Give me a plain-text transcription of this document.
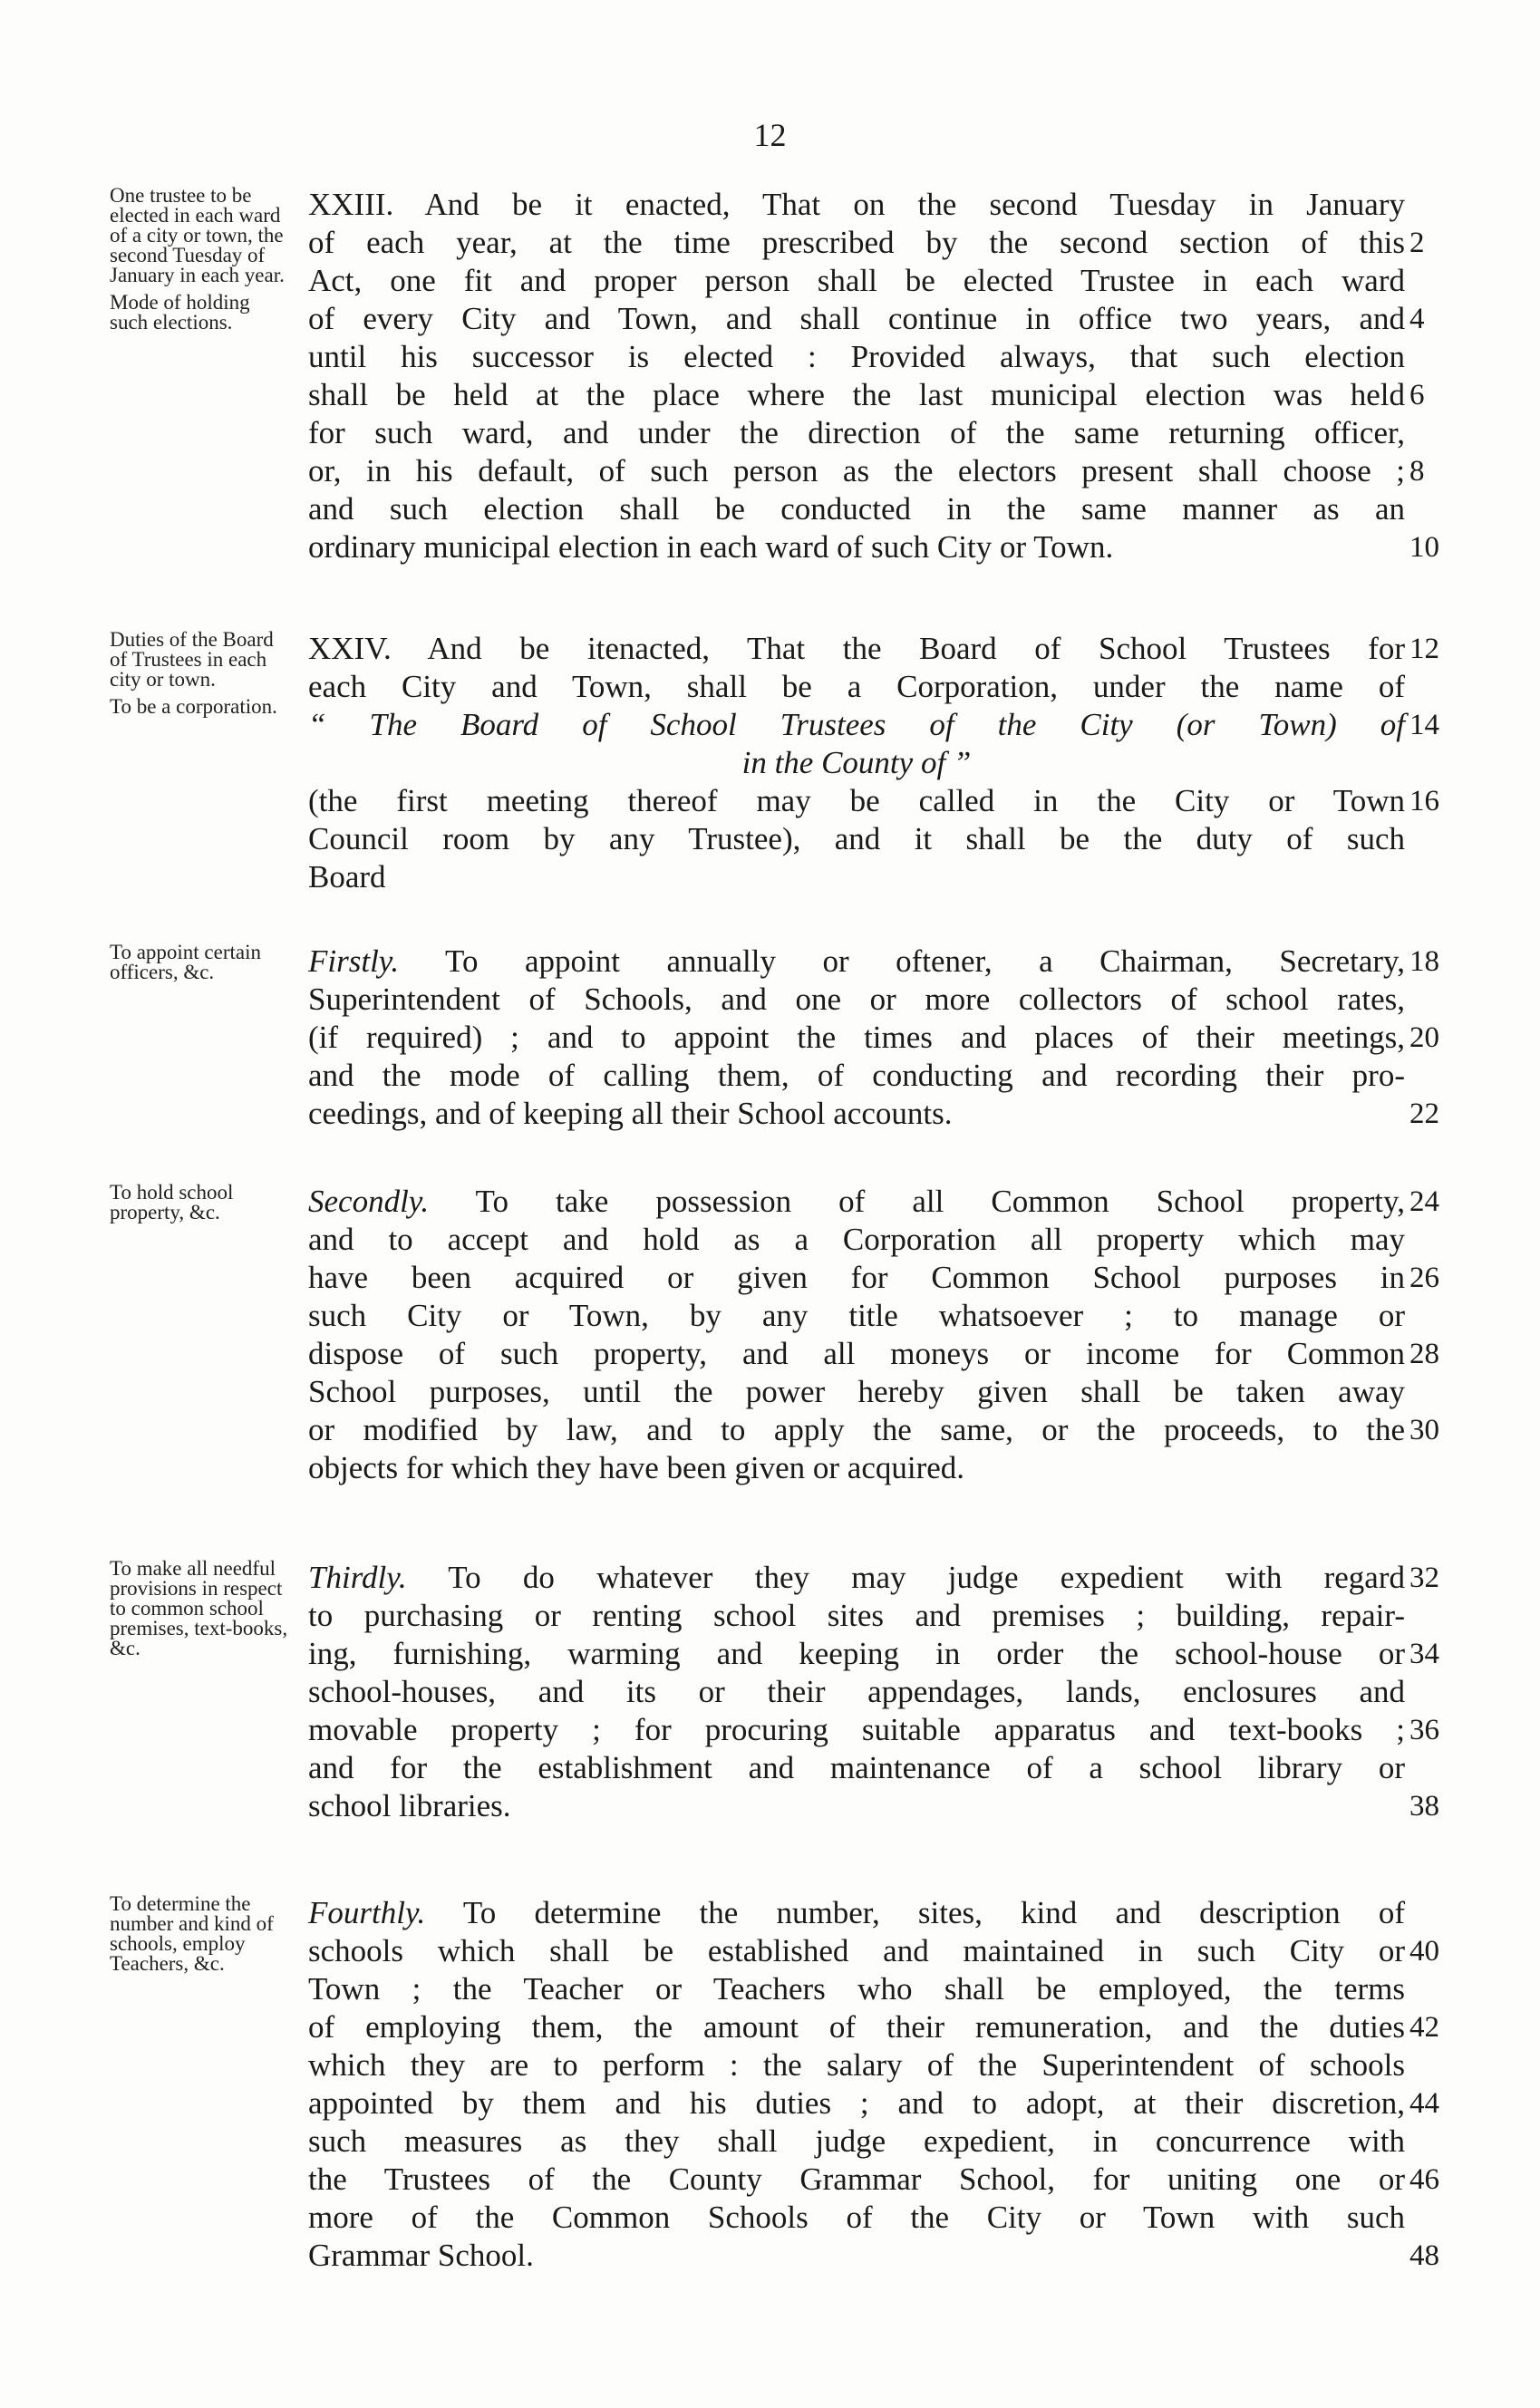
12

One trustee to be elected in each ward of a city or town, the second Tuesday of January in each year.

Mode of holding such elections.

XXIII. And be it enacted, That on the second Tuesday in January
of each year, at the time prescribed by the second section of this 2
Act, one fit and proper person shall be elected Trustee in each ward
of every City and Town, and shall continue in office two years, and 4
until his successor is elected : Provided always, that such election
shall be held at the place where the last municipal election was held 6
for such ward, and under the direction of the same returning officer,
or, in his default, of such person as the electors present shall choose ; 8
and such election shall be conducted in the same manner as an
ordinary municipal election in each ward of such City or Town.	10

Duties of the Board of Trustees in each city or town.

To be a corporation.

XXIV. And be itenacted, That the Board of School Trustees for 12
each City and Town, shall be a Corporation, under the name of
“ The Board of School Trustees of the City (or Town) of 14
in the County of ”
(the first meeting thereof may be called in the City or Town 16
Council room by any Trustee), and it shall be the duty of such
Board

To appoint certain officers, &c.	Firstly. To appoint annually or oftener, a Chairman, Secretary, 18
Superintendent of Schools, and one or more collectors of school rates,
(if required) ; and to appoint the times and places of their meetings, 20
and the mode of calling them, of conducting and recording their pro-
ceedings, and of keeping all their School accounts.	22

To hold school property, &c.	Secondly. To take possession of all Common School property, 24
and to accept and hold as a Corporation all property which may
have been acquired or given for Common School purposes in 26
such City or Town, by any title whatsoever ; to manage or
dispose of such property, and all moneys or income for Common 28
School purposes, until the power hereby given shall be taken away
or modified by law, and to apply the same, or the proceeds, to the 30
objects for which they have been given or acquired.

To make all needful provisions in respect to common school premises, text-books, &c.

Thirdly. To do whatever they may judge expedient with regard 32
to purchasing or renting school sites and premises ; building, repair-
ing, furnishing, warming and keeping in order the school-house or 34
school-houses, and its or their appendages, lands, enclosures and
movable property ; for procuring suitable apparatus and text-books ; 36
and for the establishment and maintenance of a school library or
school libraries.	38

To determine the number and kind of schools, employ Teachers, &c.

Fourthly. To determine the number, sites, kind and description of
schools which shall be established and maintained in such City or 40
Town ; the Teacher or Teachers who shall be employed, the terms
of employing them, the amount of their remuneration, and the duties 42
which they are to perform : the salary of the Superintendent of schools
appointed by them and his duties ; and to adopt, at their discretion, 44
such measures as they shall judge expedient, in concurrence with
the Trustees of the County Grammar School, for uniting one or 46
more of the Common Schools of the City or Town with such
Grammar School.	48
